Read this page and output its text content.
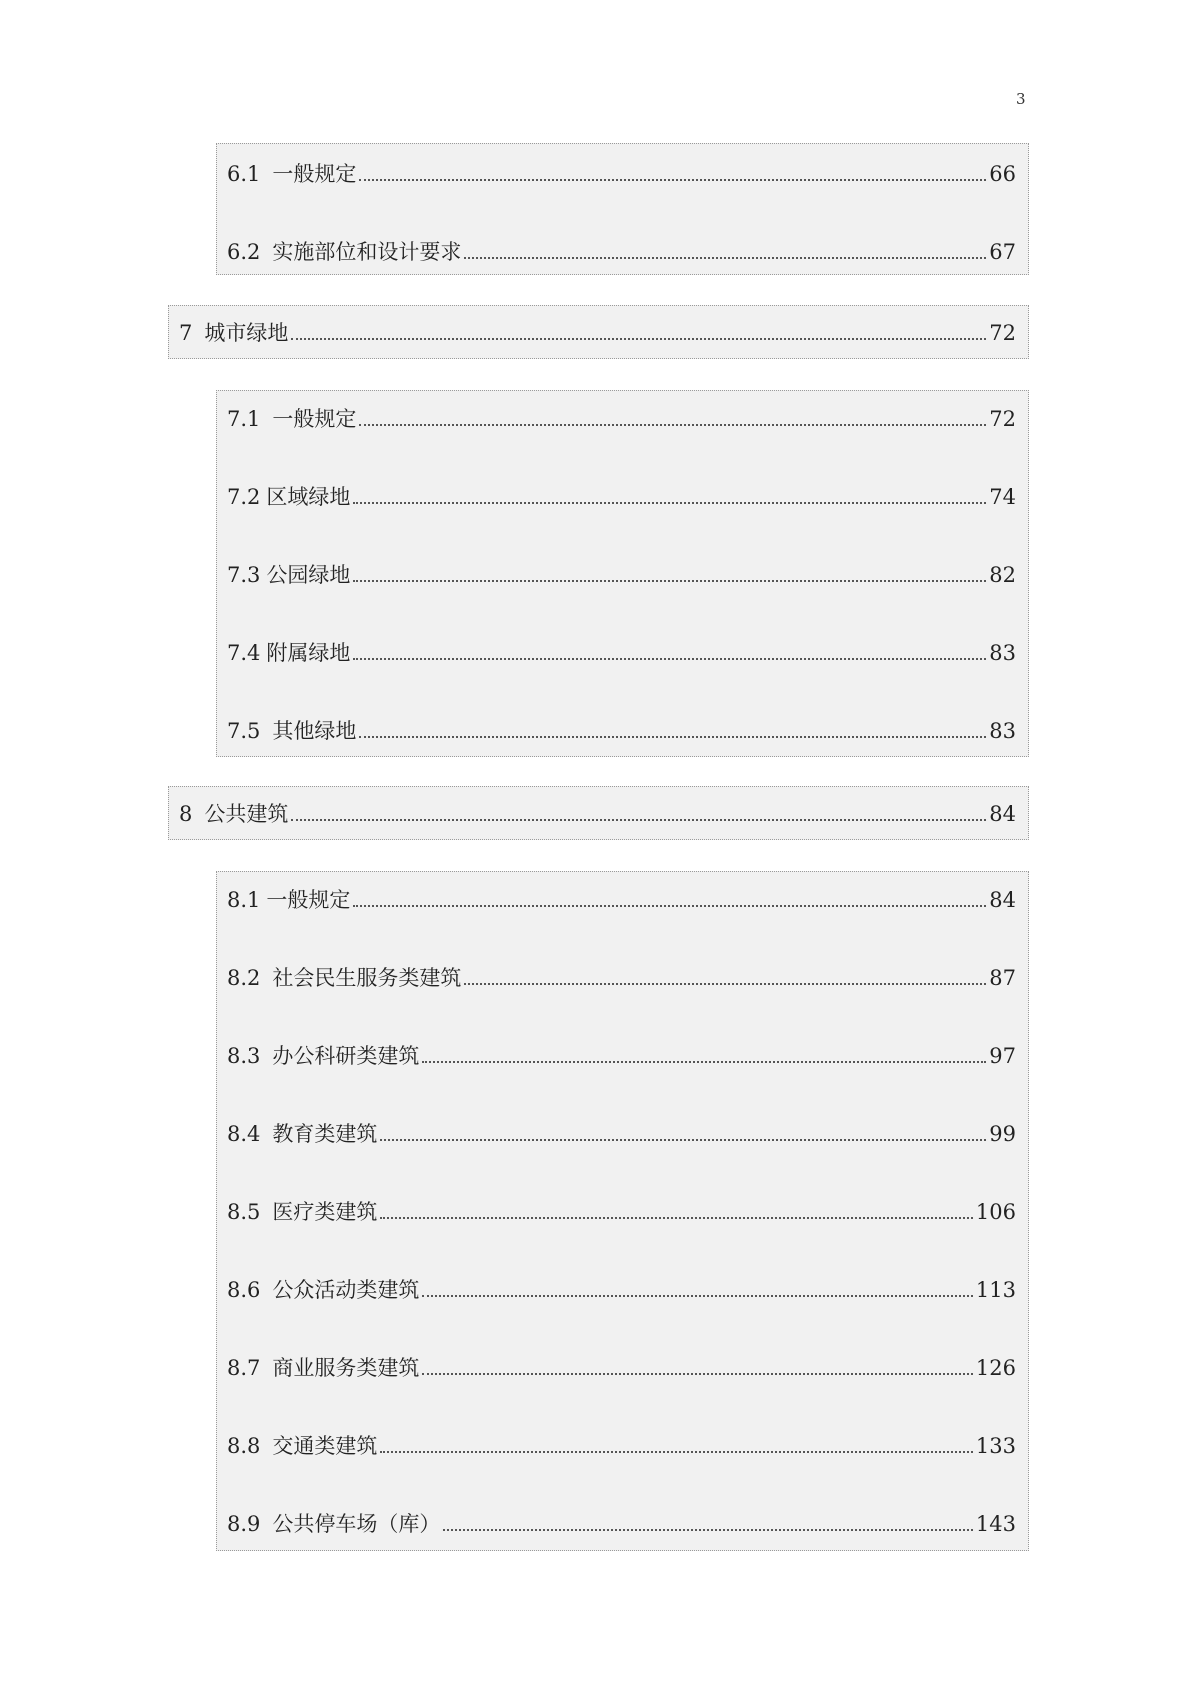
3
6.1 一般规定	66
6.2 实施部位和设计要求	67
7 城市绿地	72
7.1 一般规定	72
7.2 区域绿地	74
7.3 公园绿地	82
7.4 附属绿地	83
7.5 其他绿地	83
8 公共建筑	84
8.1 一般规定	84
8.2 社会民生服务类建筑	87
8.3 办公科研类建筑	97
8.4 教育类建筑	99
8.5 医疗类建筑	106
8.6 公众活动类建筑	113
8.7 商业服务类建筑	126
8.8 交通类建筑	133
8.9 公共停车场（库）	143
